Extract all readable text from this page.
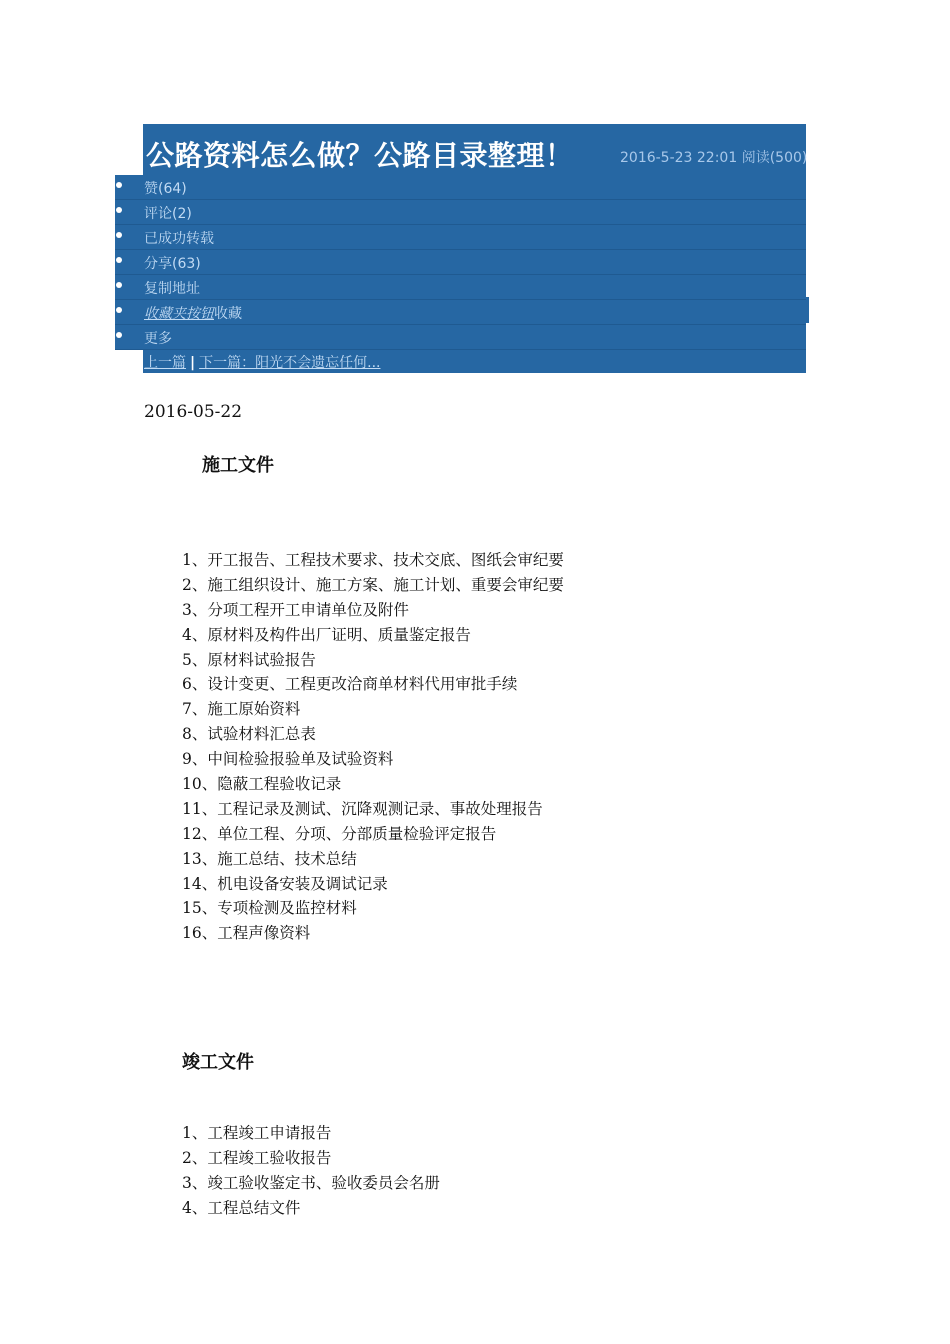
公路资料怎么做？公路目录整理！	2016-5-23 22:01 阅读(500)
赞(64)
评论(2)
已成功转载
分享(63)
复制地址
收藏夹按钮收藏
更多
上一篇 | 下一篇：阳光不会遗忘任何...
2016-05-22
施工文件
1、开工报告、工程技术要求、技术交底、图纸会审纪要
2、施工组织设计、施工方案、施工计划、重要会审纪要
3、分项工程开工申请单位及附件
4、原材料及构件出厂证明、质量鉴定报告
5、原材料试验报告
6、设计变更、工程更改洽商单材料代用审批手续
7、施工原始资料
8、试验材料汇总表
9、中间检验报验单及试验资料
10、隐蔽工程验收记录
11、工程记录及测试、沉降观测记录、事故处理报告
12、单位工程、分项、分部质量检验评定报告
13、施工总结、技术总结
14、机电设备安装及调试记录
15、专项检测及监控材料
16、工程声像资料
竣工文件
1、工程竣工申请报告
2、工程竣工验收报告
3、竣工验收鉴定书、验收委员会名册
4、工程总结文件
